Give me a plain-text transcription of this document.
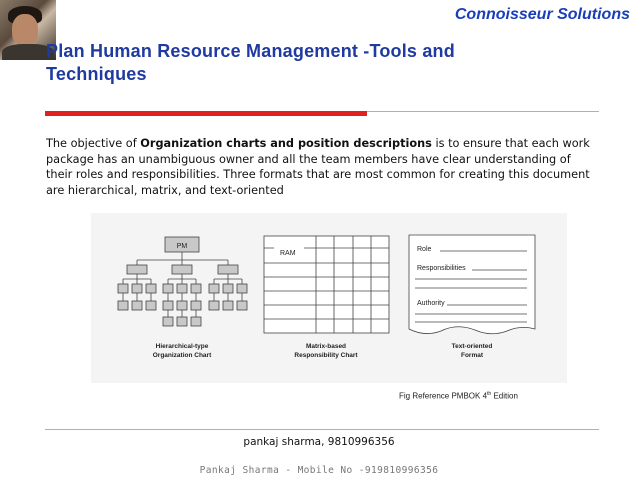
Connoisseur Solutions
Plan Human Resource Management -Tools and
Techniques
The objective of Organization charts and position descriptions is to ensure that each work package has an unambiguous owner and all the team members have clear understanding of their roles and responsibilities. Three formats that are most common for creating this document are hierarchical, matrix, and text-oriented
PM
Hierarchical-type
Organization Chart
RAM
Matrix-based
Responsibility Chart
Role
Responsibilities
Authority
Text-oriented
Format
Fig Reference PMBOK 4th Edition
pankaj sharma, 9810996356
Pankaj Sharma - Mobile No -919810996356
